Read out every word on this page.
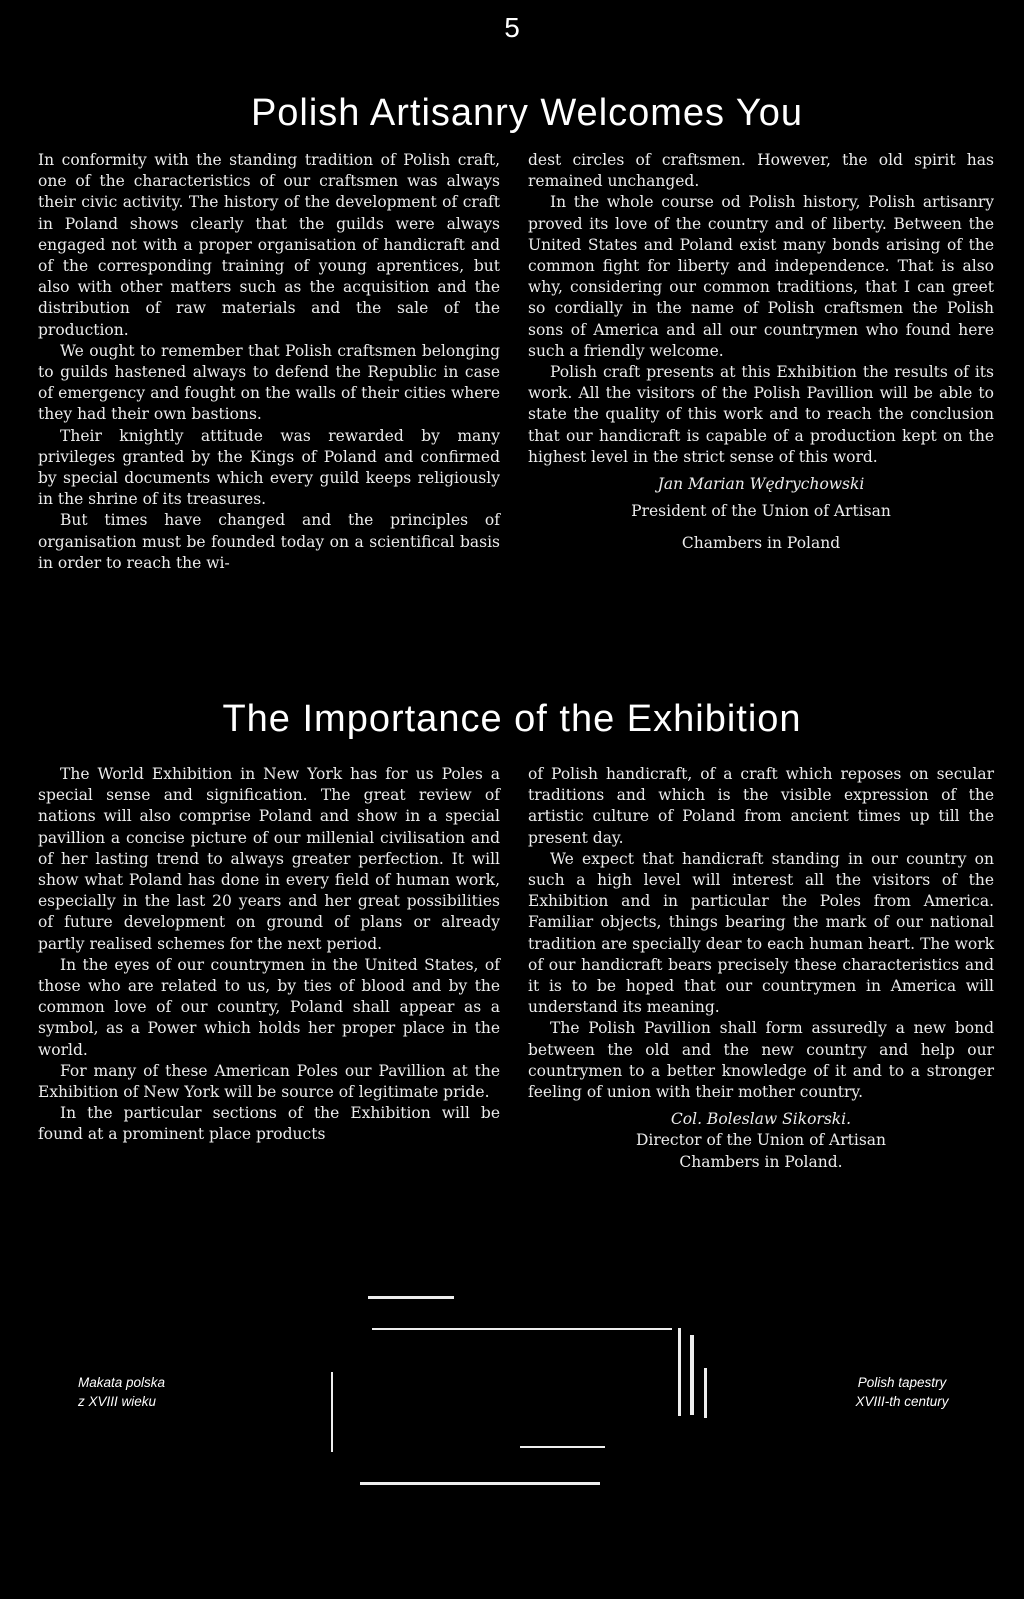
5
Polish Artisanry Welcomes You

In conformity with the standing tradition of Polish craft, one of the characteristics of our craftsmen was always their civic activity. The history of the development of craft in Poland shows clearly that the guilds were always engaged not with a proper organisation of handicraft and of the corresponding training of young aprentices, but also with other matters such as the acquisition and the distribution of raw materials and the sale of the production.

We ought to remember that Polish craftsmen belonging to guilds hastened always to defend the Republic in case of emergency and fought on the walls of their cities where they had their own bastions.

Their knightly attitude was rewarded by many privileges granted by the Kings of Poland and confirmed by special documents which every guild keeps religiously in the shrine of its treasures.

But times have changed and the principles of organisation must be founded today on a scientifical basis in order to reach the wi-

dest circles of craftsmen. However, the old spirit has remained unchanged.

In the whole course od Polish history, Polish artisanry proved its love of the country and of liberty. Between the United States and Poland exist many bonds arising of the common fight for liberty and independence. That is also why, considering our common traditions, that I can greet so cordially in the name of Polish craftsmen the Polish sons of America and all our countrymen who found here such a friendly welcome.

Polish craft presents at this Exhibition the results of its work. All the visitors of the Polish Pavillion will be able to state the quality of this work and to reach the conclusion that our handicraft is capable of a production kept on the highest level in the strict sense of this word.

Jan Marian Wędrychowski

President of the Union of Artisan

Chambers in Poland

The Importance of the Exhibition

The World Exhibition in New York has for us Poles a special sense and signification. The great review of nations will also comprise Poland and show in a special pavillion a concise picture of our millenial civilisation and of her lasting trend to always greater perfection. It will show what Poland has done in every field of human work, especially in the last 20 years and her great possibilities of future development on ground of plans or already partly realised schemes for the next period.

In the eyes of our countrymen in the United States, of those who are related to us, by ties of blood and by the common love of our country, Poland shall appear as a symbol, as a Power which holds her proper place in the world.

For many of these American Poles our Pavillion at the Exhibition of New York will be source of legitimate pride.

In the particular sections of the Exhibition will be found at a prominent place products

of Polish handicraft, of a craft which reposes on secular traditions and which is the visible expression of the artistic culture of Poland from ancient times up till the present day.

We expect that handicraft standing in our country on such a high level will interest all the visitors of the Exhibition and in particular the Poles from America. Familiar objects, things bearing the mark of our national tradition are specially dear to each human heart. The work of our handicraft bears precisely these characteristics and it is to be hoped that our countrymen in America will understand its meaning.

The Polish Pavillion shall form assuredly a new bond between the old and the new country and help our countrymen to a better knowledge of it and to a stronger feeling of union with their mother country.

Col. Boleslaw Sikorski.

Director of the Union of Artisan

Chambers in Poland.

Makata polska
z XVIII wieku
Polish tapestry
XVIII-th century
